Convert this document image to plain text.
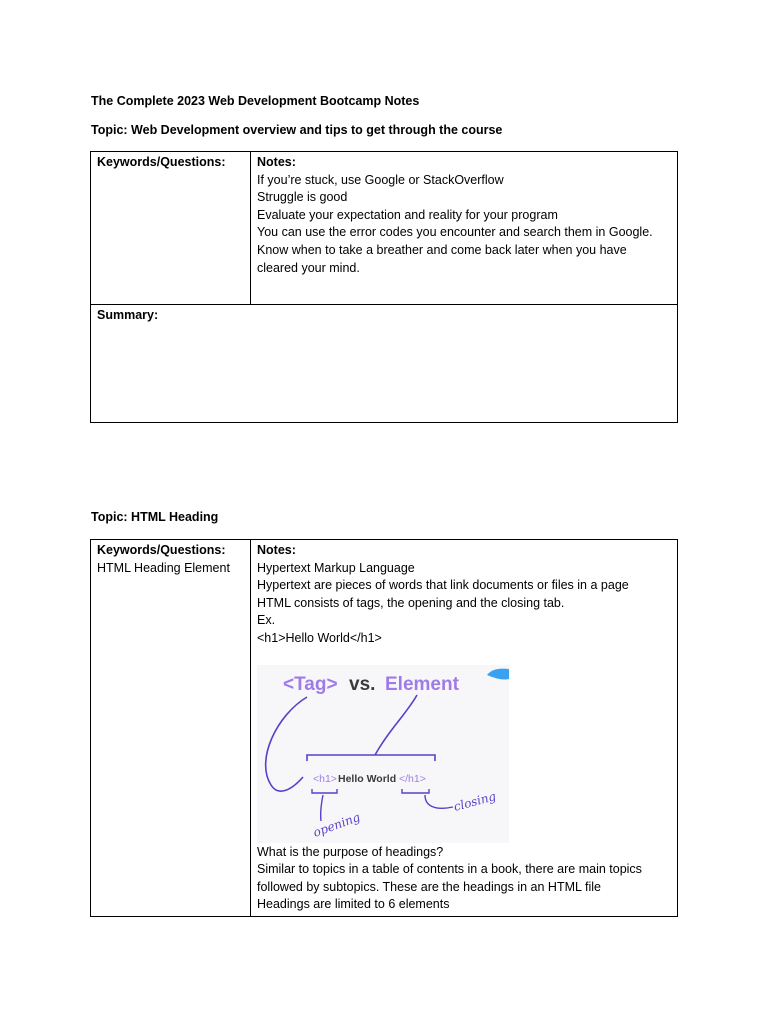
The Complete 2023 Web Development Bootcamp Notes
Topic: Web Development overview and tips to get through the course
Keywords/Questions:	Notes:
If you’re stuck, use Google or StackOverflow
Struggle is good
Evaluate your expectation and reality for your program
You can use the error codes you encounter and search them in Google.
Know when to take a breather and come back later when you have
cleared your mind.

Summary:
Topic: HTML Heading
Keywords/Questions:
HTML Heading Element

Notes:
Hypertext Markup Language
Hypertext are pieces of words that link documents or files in a page
HTML consists of tags, the opening and the closing tab.
Ex.
<h1>Hello World</h1>
<Tag> vs. Element
<h1> Hello World </h1>
opening
closing
What is the purpose of headings?
Similar to topics in a table of contents in a book, there are main topics
followed by subtopics. These are the headings in an HTML file
Headings are limited to 6 elements
